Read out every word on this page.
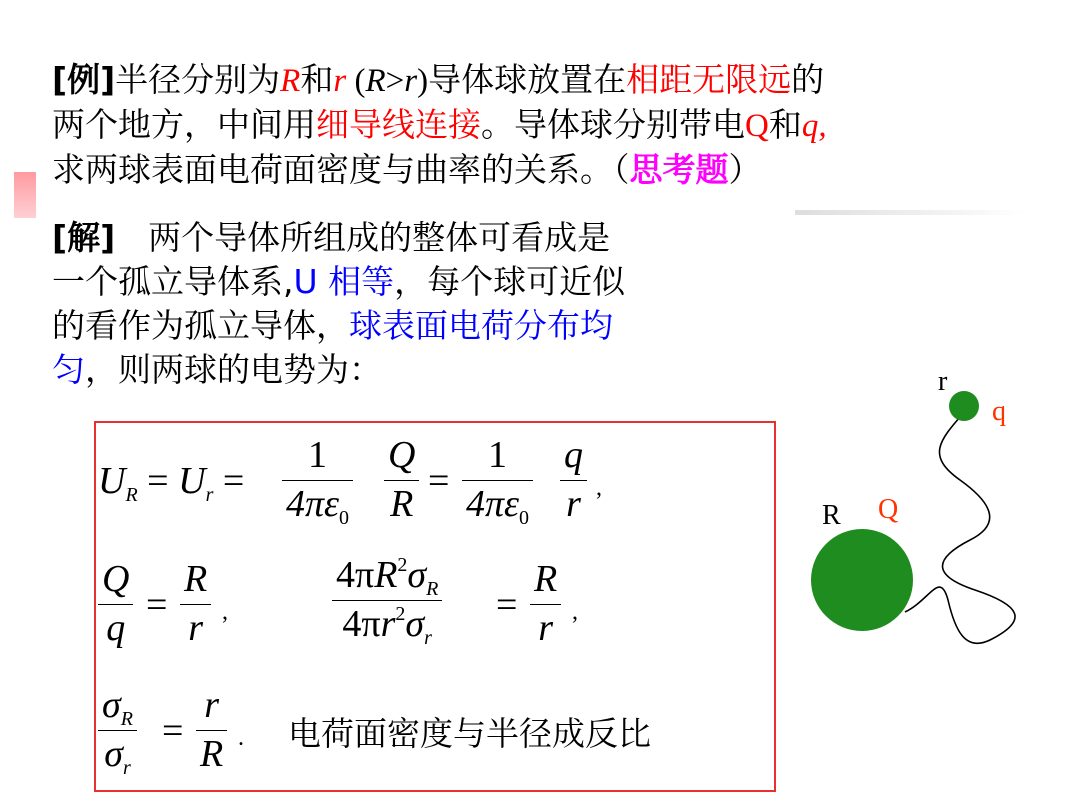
[例]半径分别为R和r (R>r)导体球放置在相距无限远的
两个地方，中间用细导线连接。导体球分别带电Q和q,
求两球表面电荷面密度与曲率的关系。（思考题）
[解]　两个导体所组成的整体可看成是
一个孤立导体系,U 相等，每个球可近似
的看作为孤立导体，球表面电荷分布均
匀，则两球的电势为：
$U_R = U_r$ =
1
$4\pi\varepsilon_0$
Q
R
=
1
$4\pi\varepsilon_0$
q
r ,
Q
q
=
R
r ,
$4\pi R^2\sigma_R$
$4\pi r^2\sigma_r$
=
R
r ,
$\sigma_R$
$\sigma_r$
=
r
R . 电荷面密度与半径成反比
r
q
R Q
